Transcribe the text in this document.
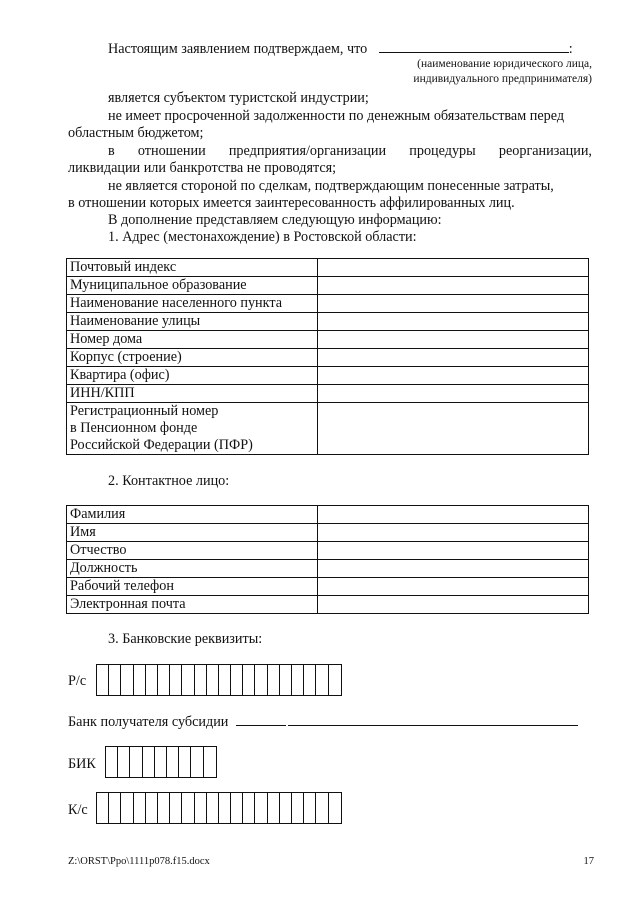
Настоящим заявлением подтверждаем, что	:
(наименование юридического лица,
индивидуального предпринимателя)
является субъектом туристской индустрии;
не имеет просроченной задолженности по денежным обязательствам перед
областным бюджетом;
в отношении предприятия/организации процедуры реорганизации,
ликвидации или банкротства не проводятся;
не является стороной по сделкам, подтверждающим понесенные затраты,
в отношении которых имеется заинтересованность аффилированных лиц.
В дополнение представляем следующую информацию:
1. Адрес (местонахождение) в Ростовской области:
Почтовый индекс	
Муниципальное образование	
Наименование населенного пункта	
Наименование улицы	
Номер дома	
Корпус (строение)	
Квартира (офис)	
ИНН/КПП	

Регистрационный номер
в Пенсионном фонде
Российской Федерации (ПФР)	

2. Контактное лицо:
Фамилия	
Имя	
Отчество	
Должность	
Рабочий телефон	
Электронная почта	
3. Банковские реквизиты:
Р/с
Банк получателя субсидии
БИК
К/с
Z:\ORST\Ppo\1111p078.f15.docx	17
